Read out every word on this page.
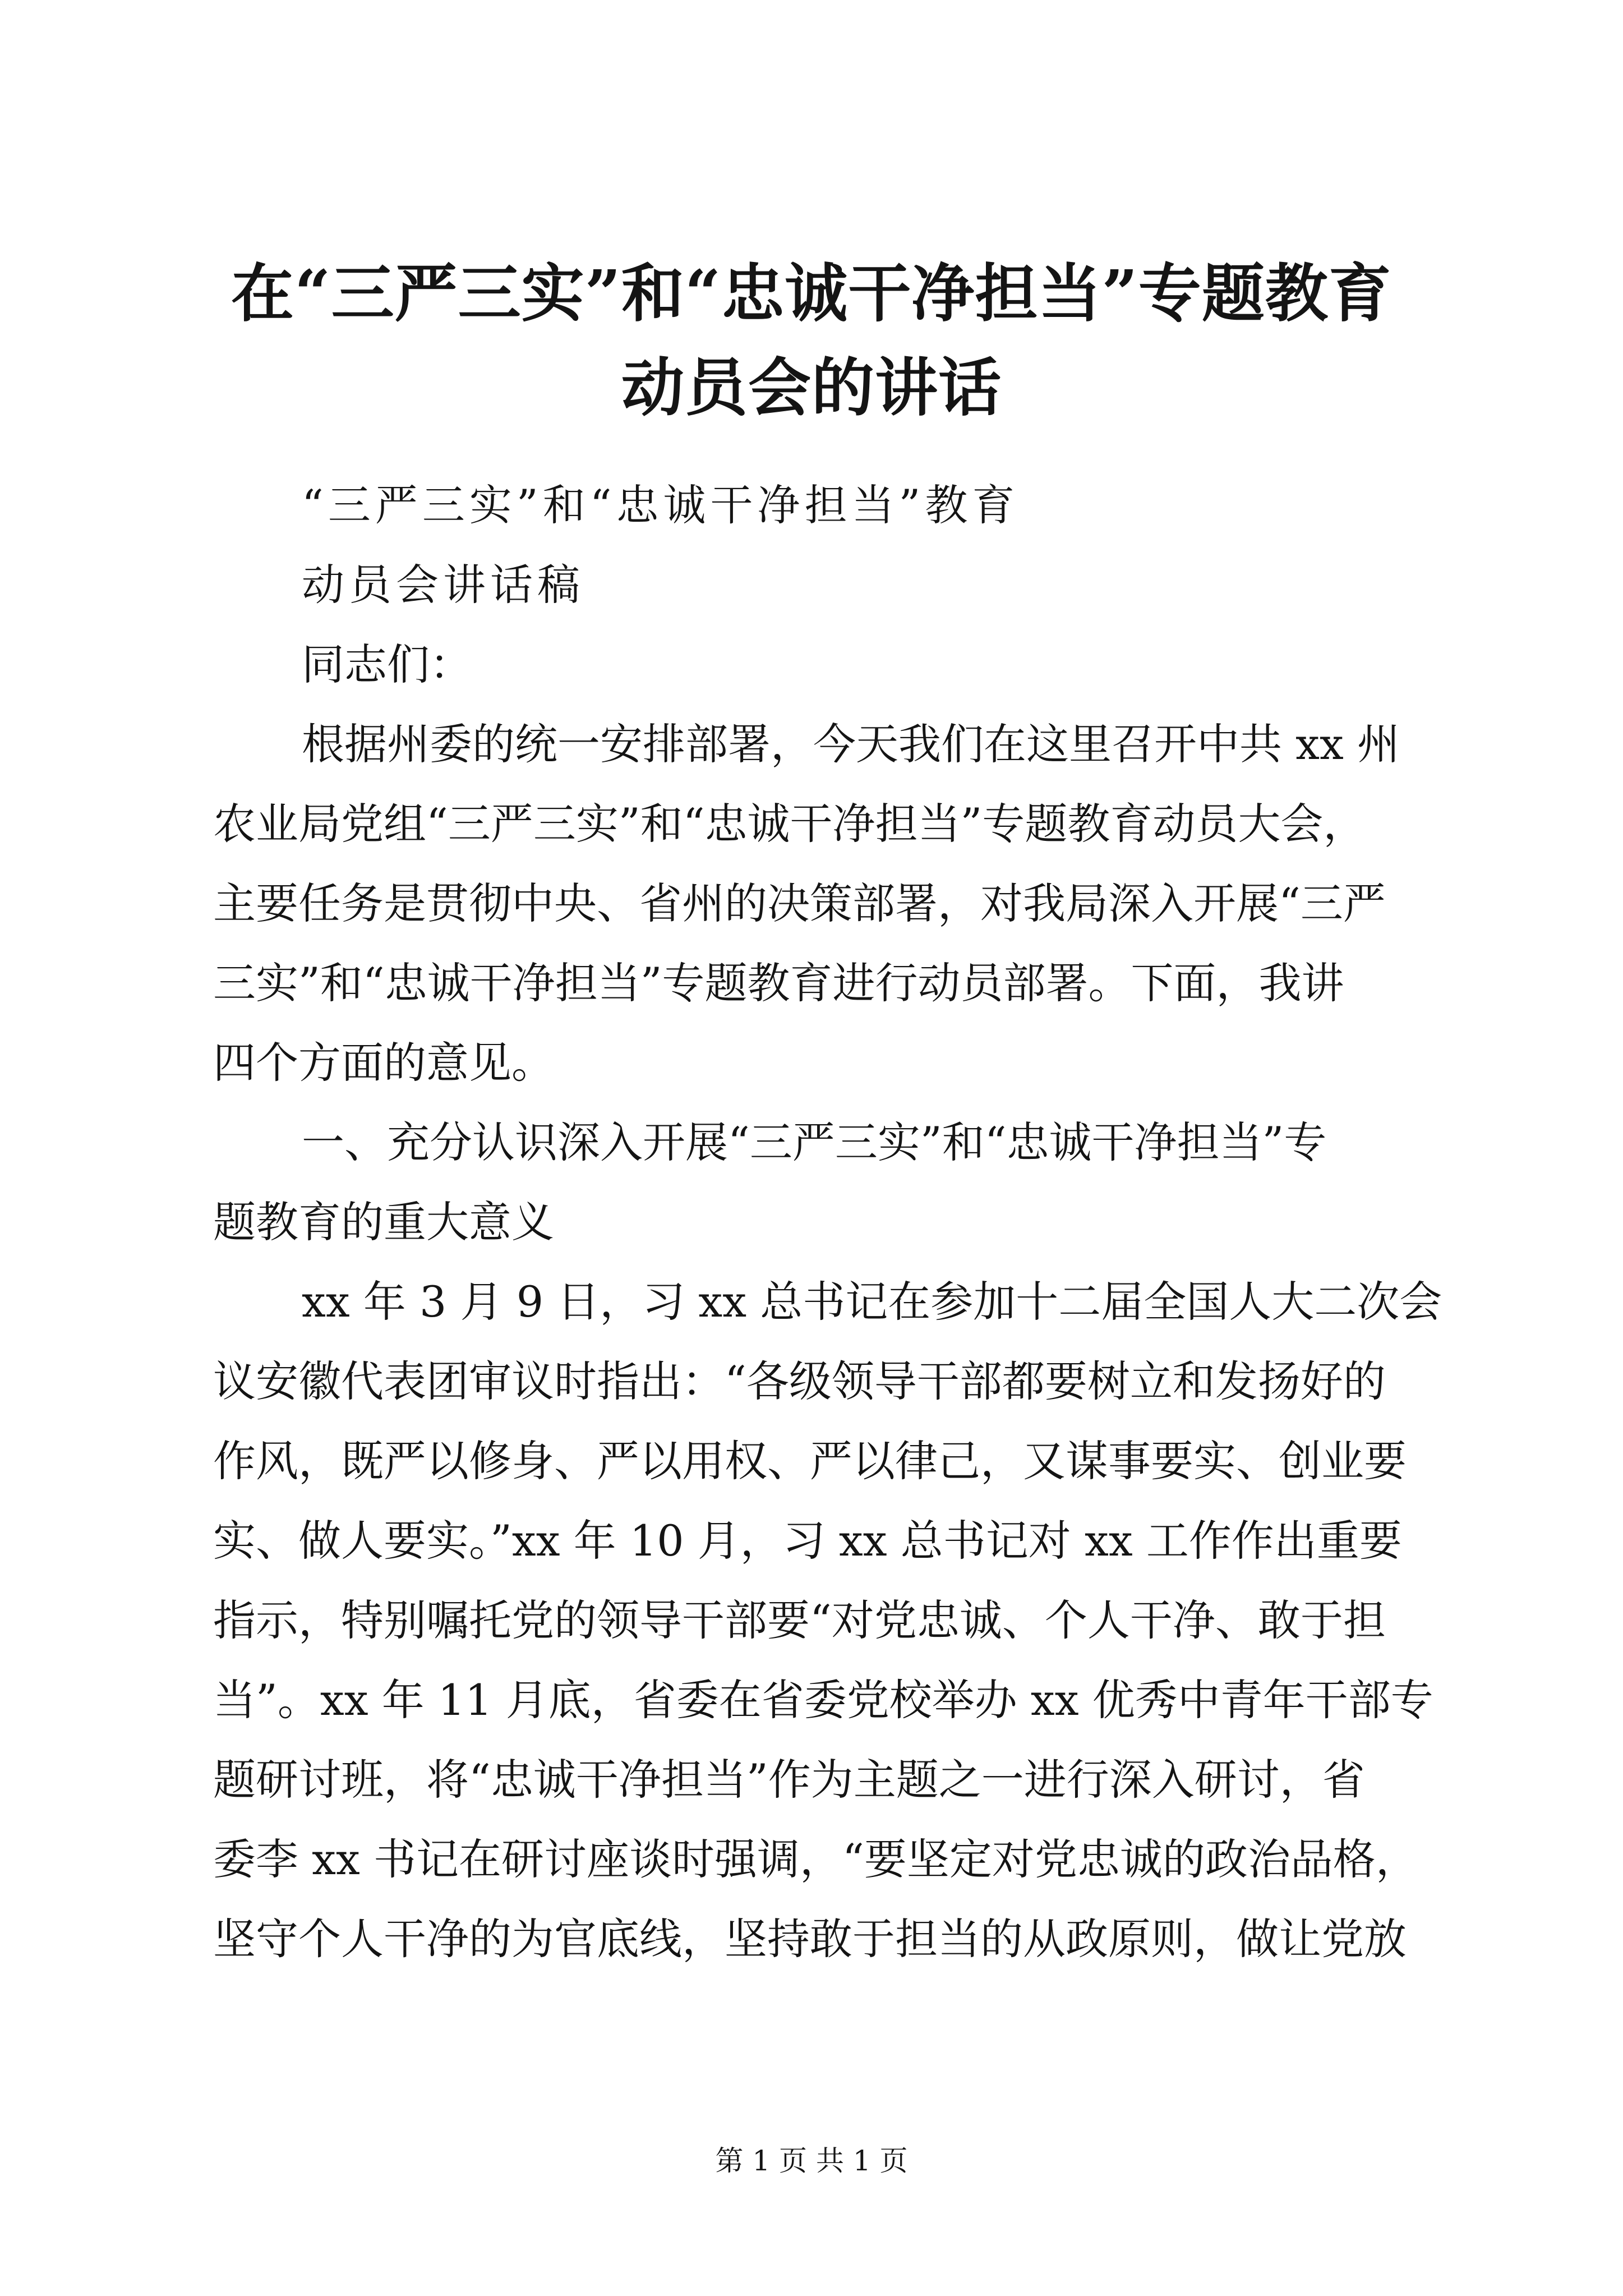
在“三严三实”和“忠诚干净担当”专题教育
动员会的讲话

“三严三实”和“忠诚干净担当”教育

动员会讲话稿

同志们：

根据州委的统一安排部署，今天我们在这里召开中共 xx 州

农业局党组“三严三实”和“忠诚干净担当”专题教育动员大会，

主要任务是贯彻中央、省州的决策部署，对我局深入开展“三严

三实”和“忠诚干净担当”专题教育进行动员部署。下面，我讲

四个方面的意见。

一、充分认识深入开展“三严三实”和“忠诚干净担当”专

题教育的重大意义

xx 年 3 月 9 日，习 xx 总书记在参加十二届全国人大二次会

议安徽代表团审议时指出：“各级领导干部都要树立和发扬好的

作风，既严以修身、严以用权、严以律己，又谋事要实、创业要

实、做人要实。”xx 年 10 月，习 xx 总书记对 xx 工作作出重要

指示，特别嘱托党的领导干部要“对党忠诚、个人干净、敢于担

当”。xx 年 11 月底，省委在省委党校举办 xx 优秀中青年干部专

题研讨班，将“忠诚干净担当”作为主题之一进行深入研讨，省

委李 xx 书记在研讨座谈时强调，“要坚定对党忠诚的政治品格，

坚守个人干净的为官底线，坚持敢于担当的从政原则，做让党放

第 1 页 共 1 页
